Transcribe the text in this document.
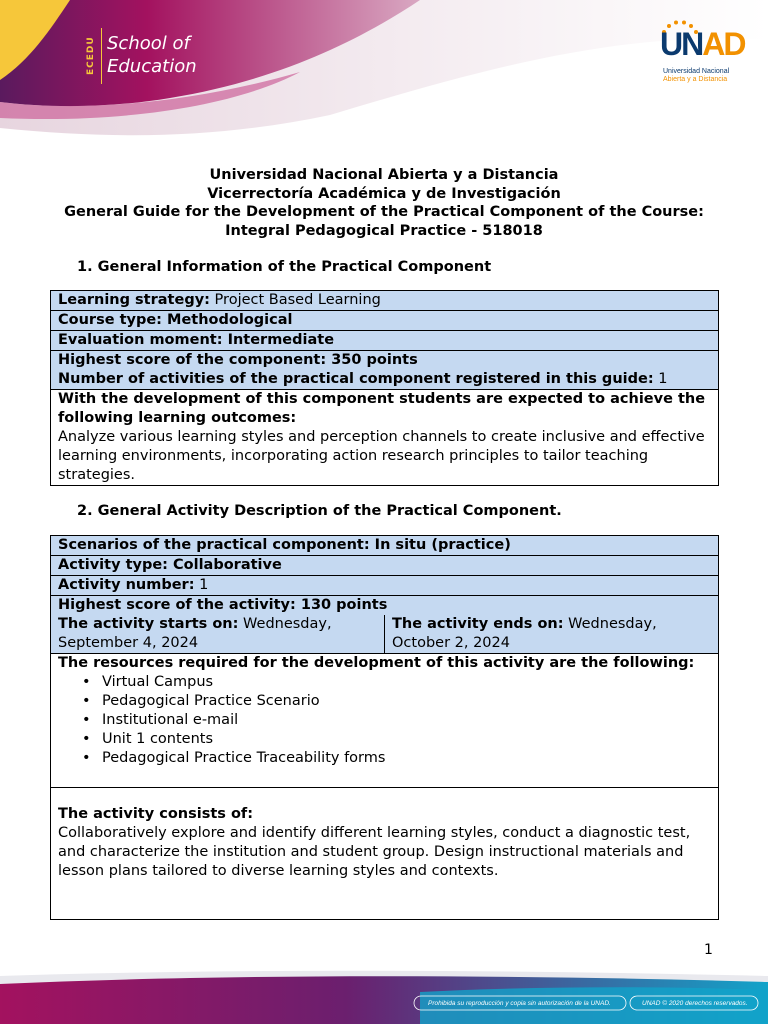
ECEDU School of
Education
UNAD
Universidad Nacional
Abierta y a Distancia
Universidad Nacional Abierta y a Distancia
Vicerrectoría Académica y de Investigación
General Guide for the Development of the Practical Component of the Course:
Integral Pedagogical Practice - 518018
1. General Information of the Practical Component
Learning strategy: Project Based Learning
Course type: Methodological
Evaluation moment: Intermediate

Highest score of the component: 350 points
Number of activities of the practical component registered in this guide: 1

With the development of this component students are expected to achieve the following learning outcomes:
Analyze various learning styles and perception channels to create inclusive and effective learning environments, incorporating action research principles to tailor teaching strategies.
2. General Activity Description of the Practical Component.
Scenarios of the practical component: In situ (practice)
Activity type: Collaborative
Activity number: 1
Highest score of the activity: 130 points
The activity starts on: Wednesday, September 4, 2024	The activity ends on: Wednesday, October 2, 2024

The resources required for the development of this activity are the following:
• Virtual Campus
• Pedagogical Practice Scenario
• Institutional e-mail
• Unit 1 contents
• Pedagogical Practice Traceability forms

The activity consists of:
Collaboratively explore and identify different learning styles, conduct a diagnostic test, and characterize the institution and student group. Design instructional materials and lesson plans tailored to diverse learning styles and contexts.
1
Prohibida su reproducción y copia sin autorización de la UNAD.	UNAD © 2020 derechos reservados.
